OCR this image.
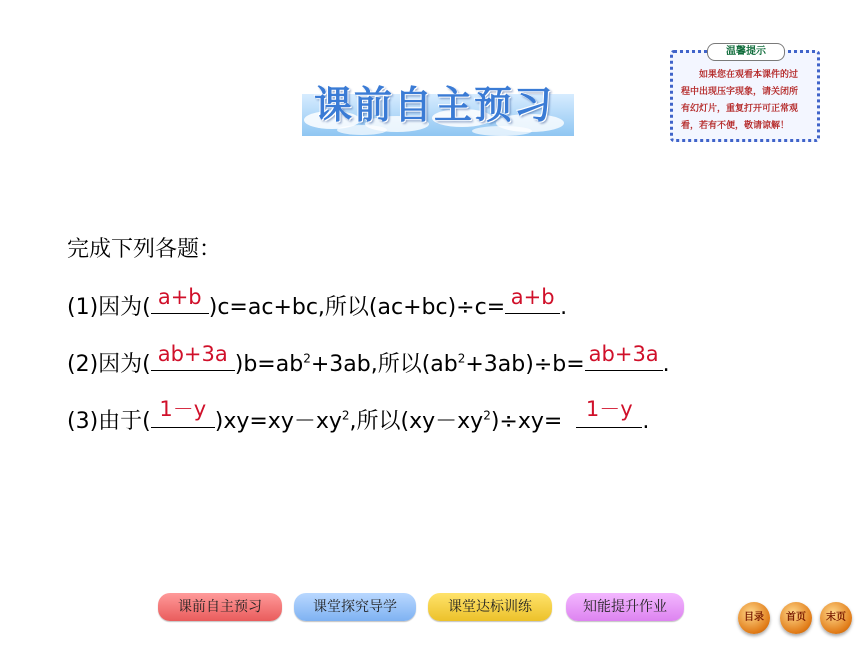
课前自主预习
温馨提示
如果您在观看本课件的过
程中出现压字现象，请关闭所
有幻灯片，重复打开可正常观
看，若有不便，敬请谅解！
完成下列各题：
(1)因为( a+b )c=ac+bc,所以(ac+bc)÷c= a+b .
(2)因为( ab+3a )$b=ab^2+3ab$,所以$(ab^2+3ab)\div b= ab+3a$ .
(3)由于( 1－y )$xy=xy-xy^2$,所以$(xy-xy^2)\div xy=$	1－y .
课前自主预习	课堂探究导学	课堂达标训练	知能提升作业
目录	首页	末页
